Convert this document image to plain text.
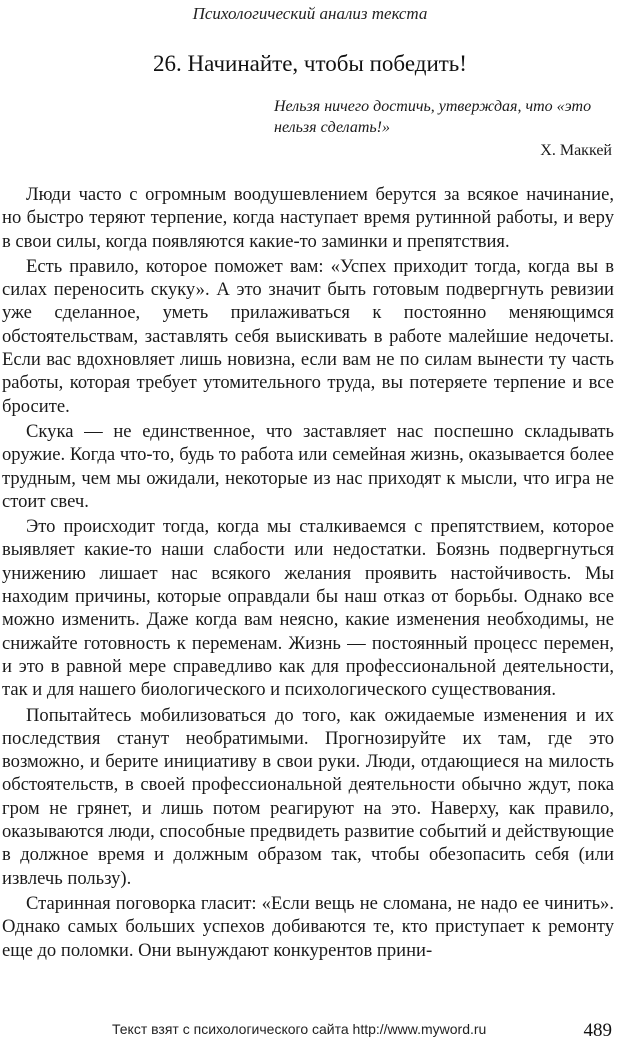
Психологический анализ текста
26. Начинайте, чтобы победить!
Нельзя ничего достичь, утверждая, что «это нельзя сделать!»
Х. Маккей

Люди часто с огромным воодушевлением берутся за всякое начинание, но быстро теряют терпение, когда наступает время рутинной работы, и веру в свои силы, когда появляются какие-то заминки и препятствия.

Есть правило, которое поможет вам: «Успех приходит тогда, когда вы в силах переносить скуку». А это значит быть готовым подвергнуть ревизии уже сделанное, уметь прилаживаться к постоянно меняющимся обстоятельствам, заставлять себя выискивать в работе малейшие недочеты. Если вас вдохновляет лишь новизна, если вам не по силам вынести ту часть работы, которая требует утомительного труда, вы потеряете терпение и все бросите.

Скука — не единственное, что заставляет нас поспешно складывать оружие. Когда что-то, будь то работа или семейная жизнь, оказывается более трудным, чем мы ожидали, некоторые из нас приходят к мысли, что игра не стоит свеч.

Это происходит тогда, когда мы сталкиваемся с препятствием, которое выявляет какие-то наши слабости или недостатки. Боязнь подвергнуться унижению лишает нас всякого желания проявить настойчивость. Мы находим причины, которые оправдали бы наш отказ от борьбы. Однако все можно изменить. Даже когда вам неясно, какие изменения необходимы, не снижайте готовность к переменам. Жизнь — постоянный процесс перемен, и это в равной мере справедливо как для профессиональной деятельности, так и для нашего биологического и психологического существования.

Попытайтесь мобилизоваться до того, как ожидаемые изменения и их последствия станут необратимыми. Прогнозируйте их там, где это возможно, и берите инициативу в свои руки. Люди, отдающиеся на милость обстоятельств, в своей профессиональной деятельности обычно ждут, пока гром не грянет, и лишь потом реагируют на это. Наверху, как правило, оказываются люди, способные предвидеть развитие событий и действующие в должное время и должным образом так, чтобы обезопасить себя (или извлечь пользу).

Старинная поговорка гласит: «Если вещь не сломана, не надо ее чинить». Однако самых больших успехов добиваются те, кто приступает к ремонту еще до поломки. Они вынуждают конкурентов прини-

Текст взят с психологического сайта http://www.myword.ru	489
